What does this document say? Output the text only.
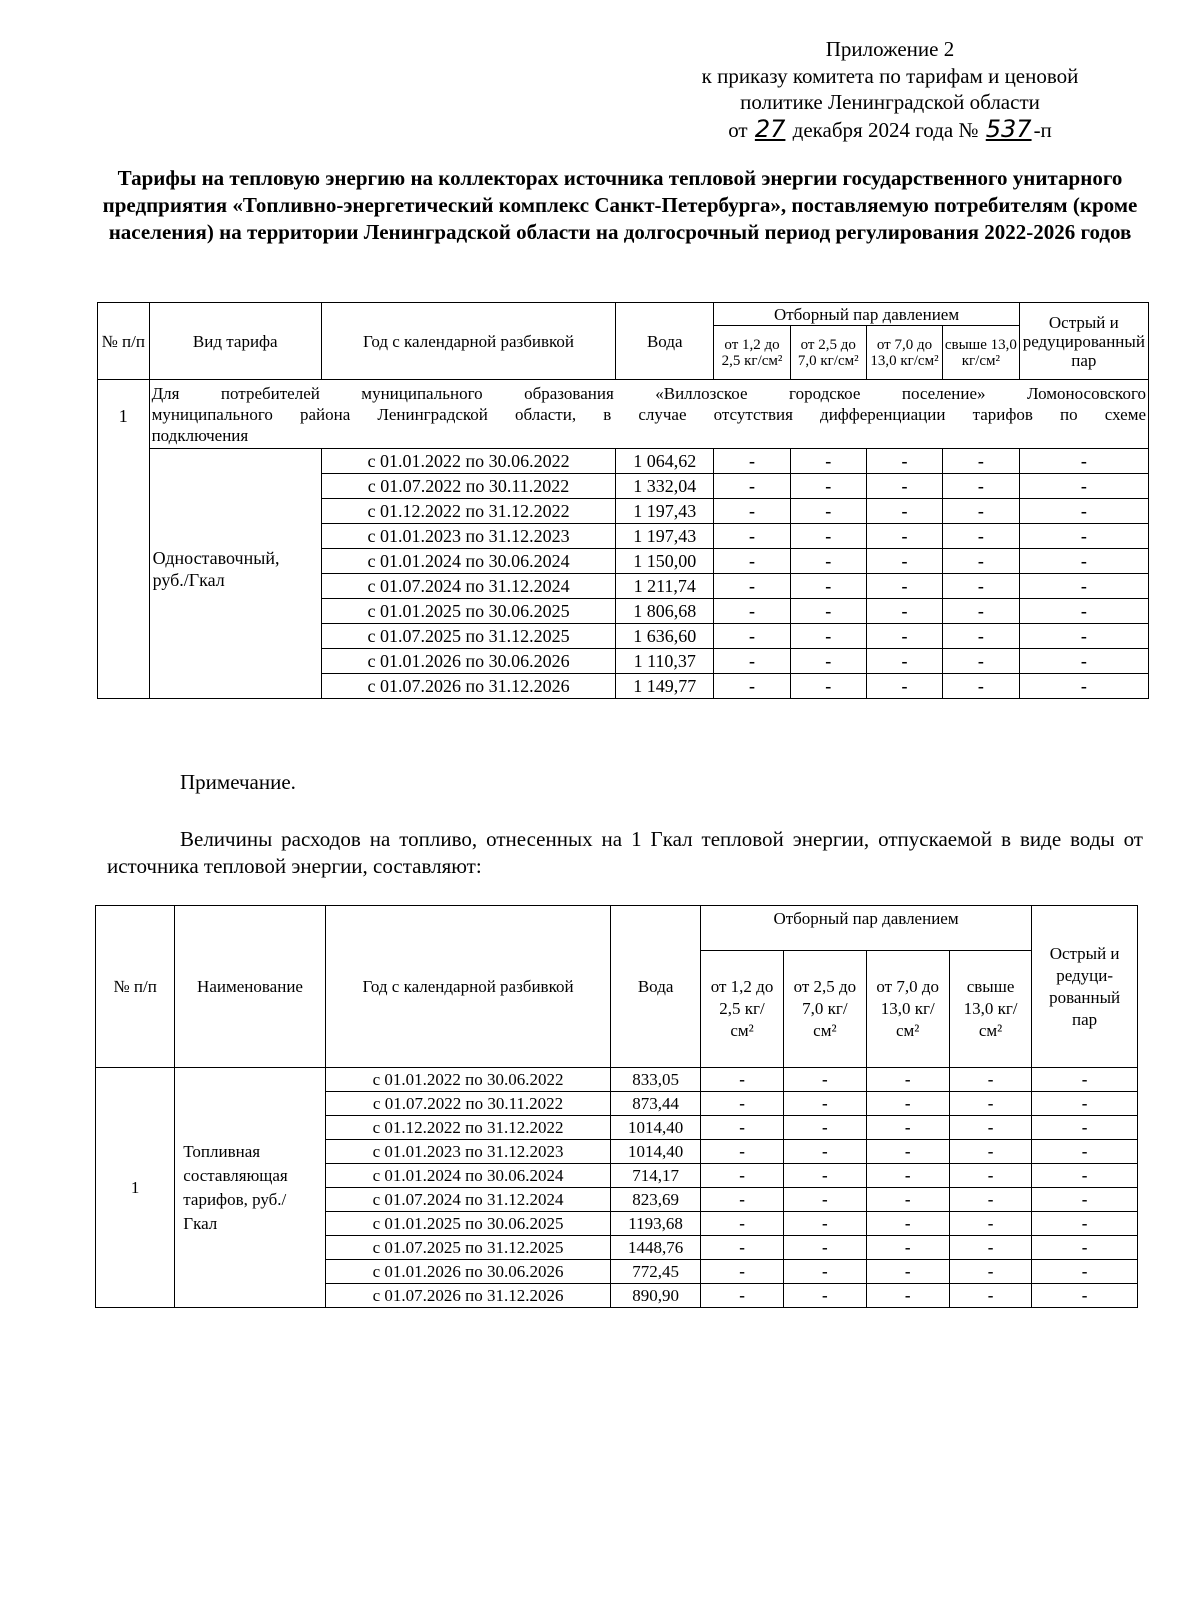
Приложение 2
к приказу комитета по тарифам и ценовой
политике Ленинградской области
от 27 декабря 2024 года № 537-п
Тарифы на тепловую энергию на коллекторах источника тепловой энергии государственного унитарного предприятия «Топливно-энергетический комплекс Санкт-Петербурга», поставляемую потребителям (кроме населения) на территории Ленинградской области на долгосрочный период регулирования 2022-2026 годов
№ п/п	Вид тарифа	Год с календарной разбивкой	Вода	Отборный пар давлением				Острый и редуцированный пар
				от 1,2 до 2,5 кг/см²	от 2,5 до 7,0 кг/см²	от 7,0 до 13,0 кг/см²	свыше 13,0 кг/см²	
1	Для потребителей муниципального образования «Виллозское городское поселение» Ломоносовского
муниципального района Ленинградской области, в случае отсутствия дифференциации тарифов по схеме
подключения							

	Одноставочный, руб./Гкал	с 01.01.2022 по 30.06.2022	1 064,62	-	-	-	-	-
		с 01.07.2022 по 30.11.2022	1 332,04	-	-	-	-	-
		с 01.12.2022 по 31.12.2022	1 197,43	-	-	-	-	-
		с 01.01.2023 по 31.12.2023	1 197,43	-	-	-	-	-
		с 01.01.2024 по 30.06.2024	1 150,00	-	-	-	-	-
		с 01.07.2024 по 31.12.2024	1 211,74	-	-	-	-	-
		с 01.01.2025 по 30.06.2025	1 806,68	-	-	-	-	-
		с 01.07.2025 по 31.12.2025	1 636,60	-	-	-	-	-
		с 01.01.2026 по 30.06.2026	1 110,37	-	-	-	-	-
		с 01.07.2026 по 31.12.2026	1 149,77	-	-	-	-	-
Примечание.
Величины расходов на топливо, отнесенных на 1 Гкал тепловой энергии, отпускаемой в виде воды от источника тепловой энергии, составляют:
№ п/п	Наименование	Год с календарной разбивкой	Вода	Отборный пар давлением				Острый и редуци-рованный пар
				от 1,2 до 2,5 кг/см²	от 2,5 до 7,0 кг/см²	от 7,0 до 13,0 кг/см²	свыше 13,0 кг/см²	
1	Топливная составляющая тарифов, руб./Гкал	с 01.01.2022 по 30.06.2022	833,05	-	-	-	-	-
		с 01.07.2022 по 30.11.2022	873,44	-	-	-	-	-
		с 01.12.2022 по 31.12.2022	1014,40	-	-	-	-	-
		с 01.01.2023 по 31.12.2023	1014,40	-	-	-	-	-
		с 01.01.2024 по 30.06.2024	714,17	-	-	-	-	-
		с 01.07.2024 по 31.12.2024	823,69	-	-	-	-	-
		с 01.01.2025 по 30.06.2025	1193,68	-	-	-	-	-
		с 01.07.2025 по 31.12.2025	1448,76	-	-	-	-	-
		с 01.01.2026 по 30.06.2026	772,45	-	-	-	-	-
		с 01.07.2026 по 31.12.2026	890,90	-	-	-	-	-
